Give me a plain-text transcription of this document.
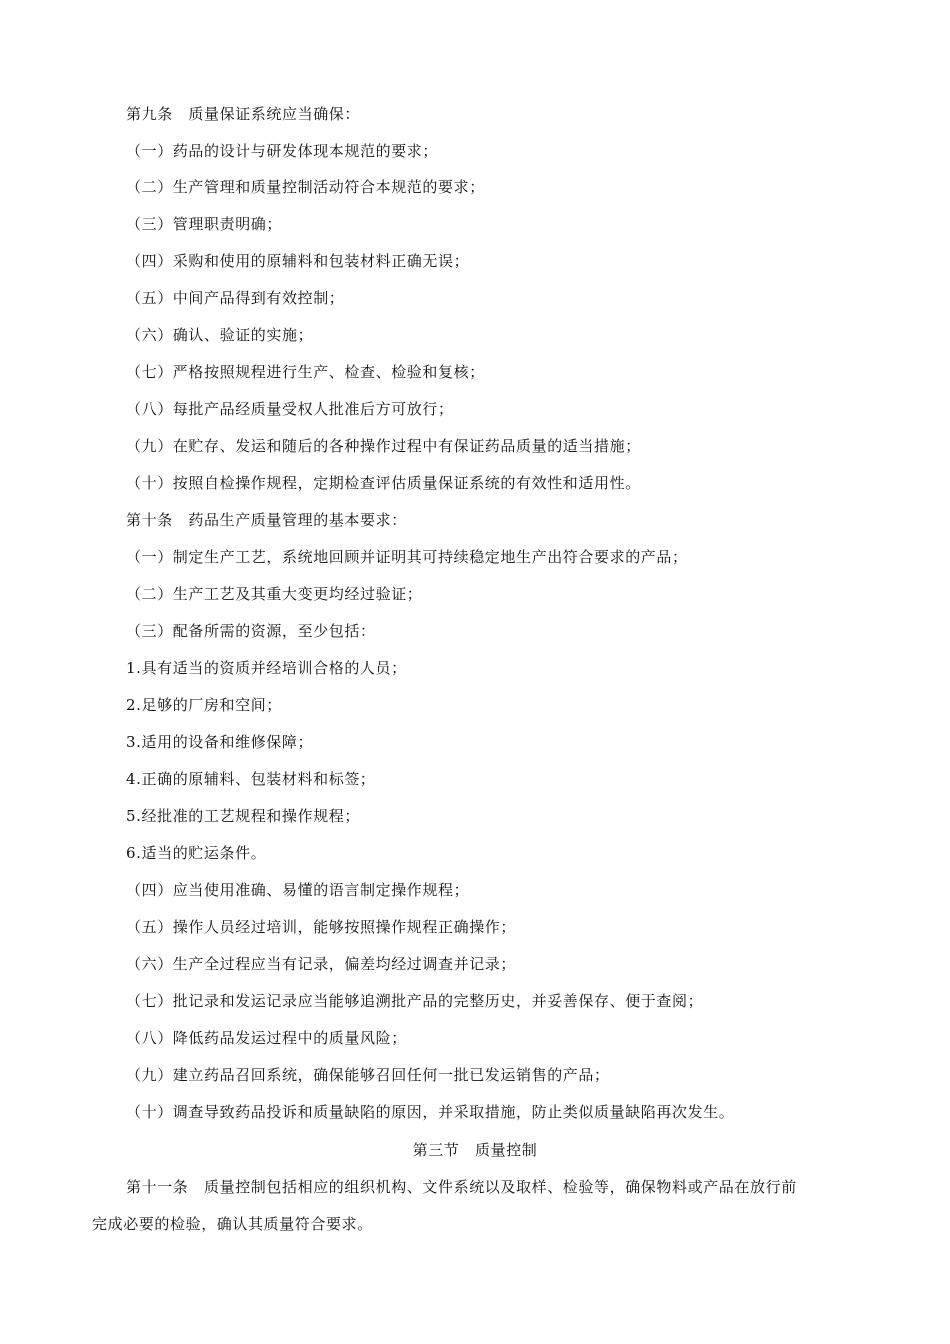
第九条　质量保证系统应当确保：
（一）药品的设计与研发体现本规范的要求；
（二）生产管理和质量控制活动符合本规范的要求；
（三）管理职责明确；
（四）采购和使用的原辅料和包装材料正确无误；
（五）中间产品得到有效控制；
（六）确认、验证的实施；
（七）严格按照规程进行生产、检查、检验和复核；
（八）每批产品经质量受权人批准后方可放行；
（九）在贮存、发运和随后的各种操作过程中有保证药品质量的适当措施；
（十）按照自检操作规程，定期检查评估质量保证系统的有效性和适用性。
第十条　药品生产质量管理的基本要求：
（一）制定生产工艺，系统地回顾并证明其可持续稳定地生产出符合要求的产品；
（二）生产工艺及其重大变更均经过验证；
（三）配备所需的资源，至少包括：
1.具有适当的资质并经培训合格的人员；
2.足够的厂房和空间；
3.适用的设备和维修保障；
4.正确的原辅料、包装材料和标签；
5.经批准的工艺规程和操作规程；
6.适当的贮运条件。
（四）应当使用准确、易懂的语言制定操作规程；
（五）操作人员经过培训，能够按照操作规程正确操作；
（六）生产全过程应当有记录，偏差均经过调查并记录；
（七）批记录和发运记录应当能够追溯批产品的完整历史，并妥善保存、便于查阅；
（八）降低药品发运过程中的质量风险；
（九）建立药品召回系统，确保能够召回任何一批已发运销售的产品；
（十）调查导致药品投诉和质量缺陷的原因，并采取措施，防止类似质量缺陷再次发生。
第三节　质量控制
第十一条　质量控制包括相应的组织机构、文件系统以及取样、检验等，确保物料或产品在放行前
完成必要的检验，确认其质量符合要求。
